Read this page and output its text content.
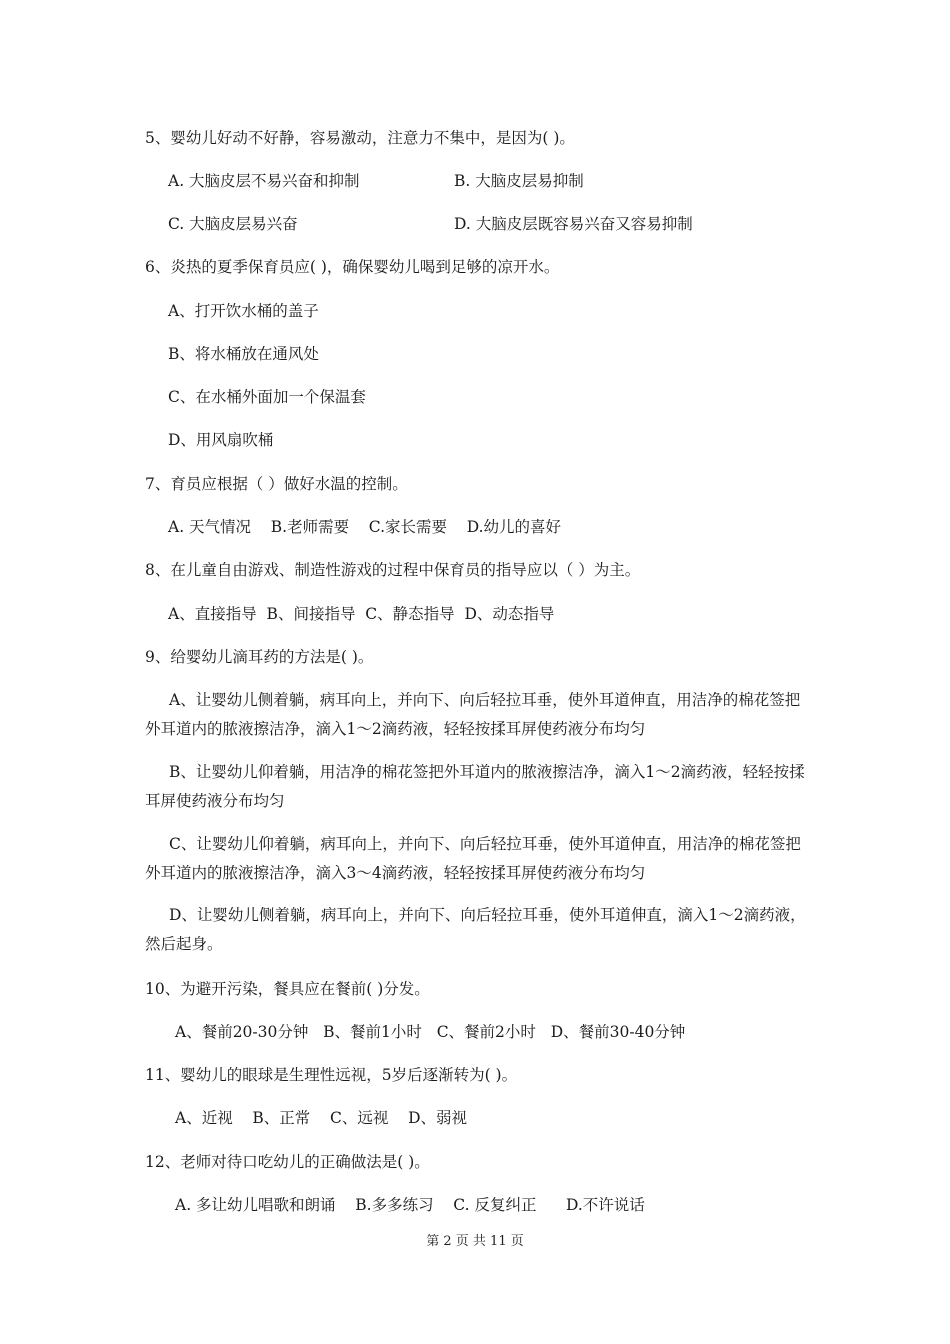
5、婴幼儿好动不好静，容易激动，注意力不集中，是因为( )。
A. 大脑皮层不易兴奋和抑制	B. 大脑皮层易抑制
C. 大脑皮层易兴奋	D. 大脑皮层既容易兴奋又容易抑制
6、炎热的夏季保育员应( )，确保婴幼儿喝到足够的凉开水。
A、打开饮水桶的盖子
B、将水桶放在通风处
C、在水桶外面加一个保温套
D、用风扇吹桶
7、育员应根据（ ）做好水温的控制。
A. 天气情况    B.老师需要    C.家长需要    D.幼儿的喜好
8、在儿童自由游戏、制造性游戏的过程中保育员的指导应以（ ）为主。
A、直接指导  B、间接指导  C、静态指导  D、动态指导
9、给婴幼儿滴耳药的方法是( )。
A、让婴幼儿侧着躺，病耳向上，并向下、向后轻拉耳垂，使外耳道伸直，用洁净的棉花签把外耳道内的脓液擦洁净，滴入1～2滴药液，轻轻按揉耳屏使药液分布均匀
B、让婴幼儿仰着躺，用洁净的棉花签把外耳道内的脓液擦洁净，滴入1～2滴药液，轻轻按揉耳屏使药液分布均匀
C、让婴幼儿仰着躺，病耳向上，并向下、向后轻拉耳垂，使外耳道伸直，用洁净的棉花签把外耳道内的脓液擦洁净，滴入3～4滴药液，轻轻按揉耳屏使药液分布均匀
D、让婴幼儿侧着躺，病耳向上，并向下、向后轻拉耳垂，使外耳道伸直，滴入1～2滴药液，然后起身。
10、为避开污染，餐具应在餐前( )分发。
A、餐前20-30分钟   B、餐前1小时   C、餐前2小时   D、餐前30-40分钟
11、婴幼儿的眼球是生理性远视，5岁后逐渐转为( )。
A、近视    B、正常    C、远视    D、弱视
12、老师对待口吃幼儿的正确做法是( )。
A. 多让幼儿唱歌和朗诵    B.多多练习    C. 反复纠正      D.不许说话
第 2 页 共 11 页
